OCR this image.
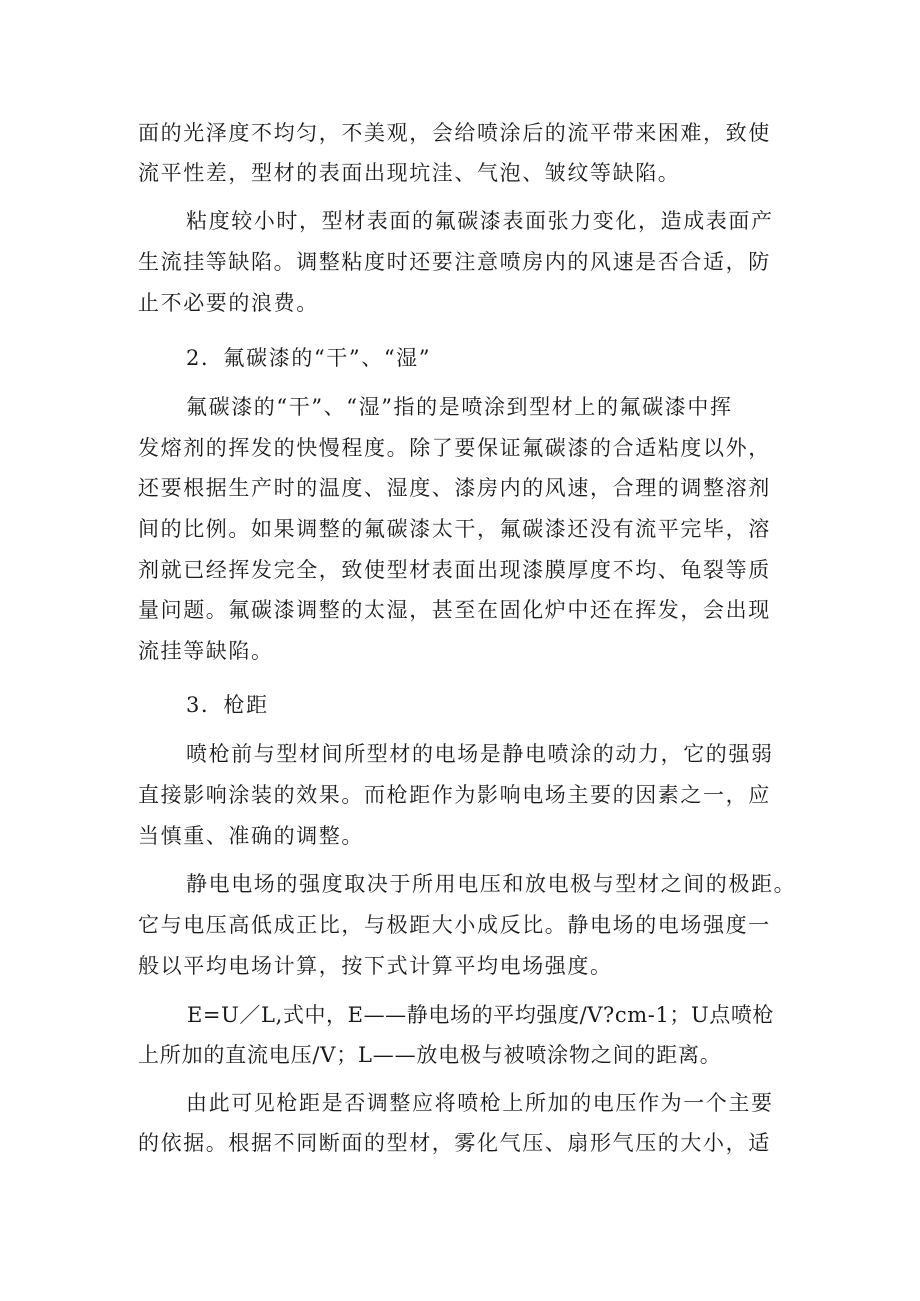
面的光泽度不均匀，不美观，会给喷涂后的流平带来困难，致使
流平性差，型材的表面出现坑洼、气泡、皱纹等缺陷。
粘度较小时，型材表面的氟碳漆表面张力变化，造成表面产
生流挂等缺陷。调整粘度时还要注意喷房内的风速是否合适，防
止不必要的浪费。
2．氟碳漆的“干”、“湿”
氟碳漆的“干”、“湿”指的是喷涂到型材上的氟碳漆中挥
发熔剂的挥发的快慢程度。除了要保证氟碳漆的合适粘度以外，
还要根据生产时的温度、湿度、漆房内的风速，合理的调整溶剂
间的比例。如果调整的氟碳漆太干，氟碳漆还没有流平完毕，溶
剂就已经挥发完全，致使型材表面出现漆膜厚度不均、龟裂等质
量问题。氟碳漆调整的太湿，甚至在固化炉中还在挥发，会出现
流挂等缺陷。
3．枪距
喷枪前与型材间所型材的电场是静电喷涂的动力，它的强弱
直接影响涂装的效果。而枪距作为影响电场主要的因素之一，应
当慎重、准确的调整。
静电电场的强度取决于所用电压和放电极与型材之间的极距。
它与电压高低成正比，与极距大小成反比。静电场的电场强度一
般以平均电场计算，按下式计算平均电场强度。
E=U／L,式中，E——静电场的平均强度/V?cm-1；U点喷枪
上所加的直流电压/V；L——放电极与被喷涂物之间的距离。
由此可见枪距是否调整应将喷枪上所加的电压作为一个主要
的依据。根据不同断面的型材，雾化气压、扇形气压的大小，适
